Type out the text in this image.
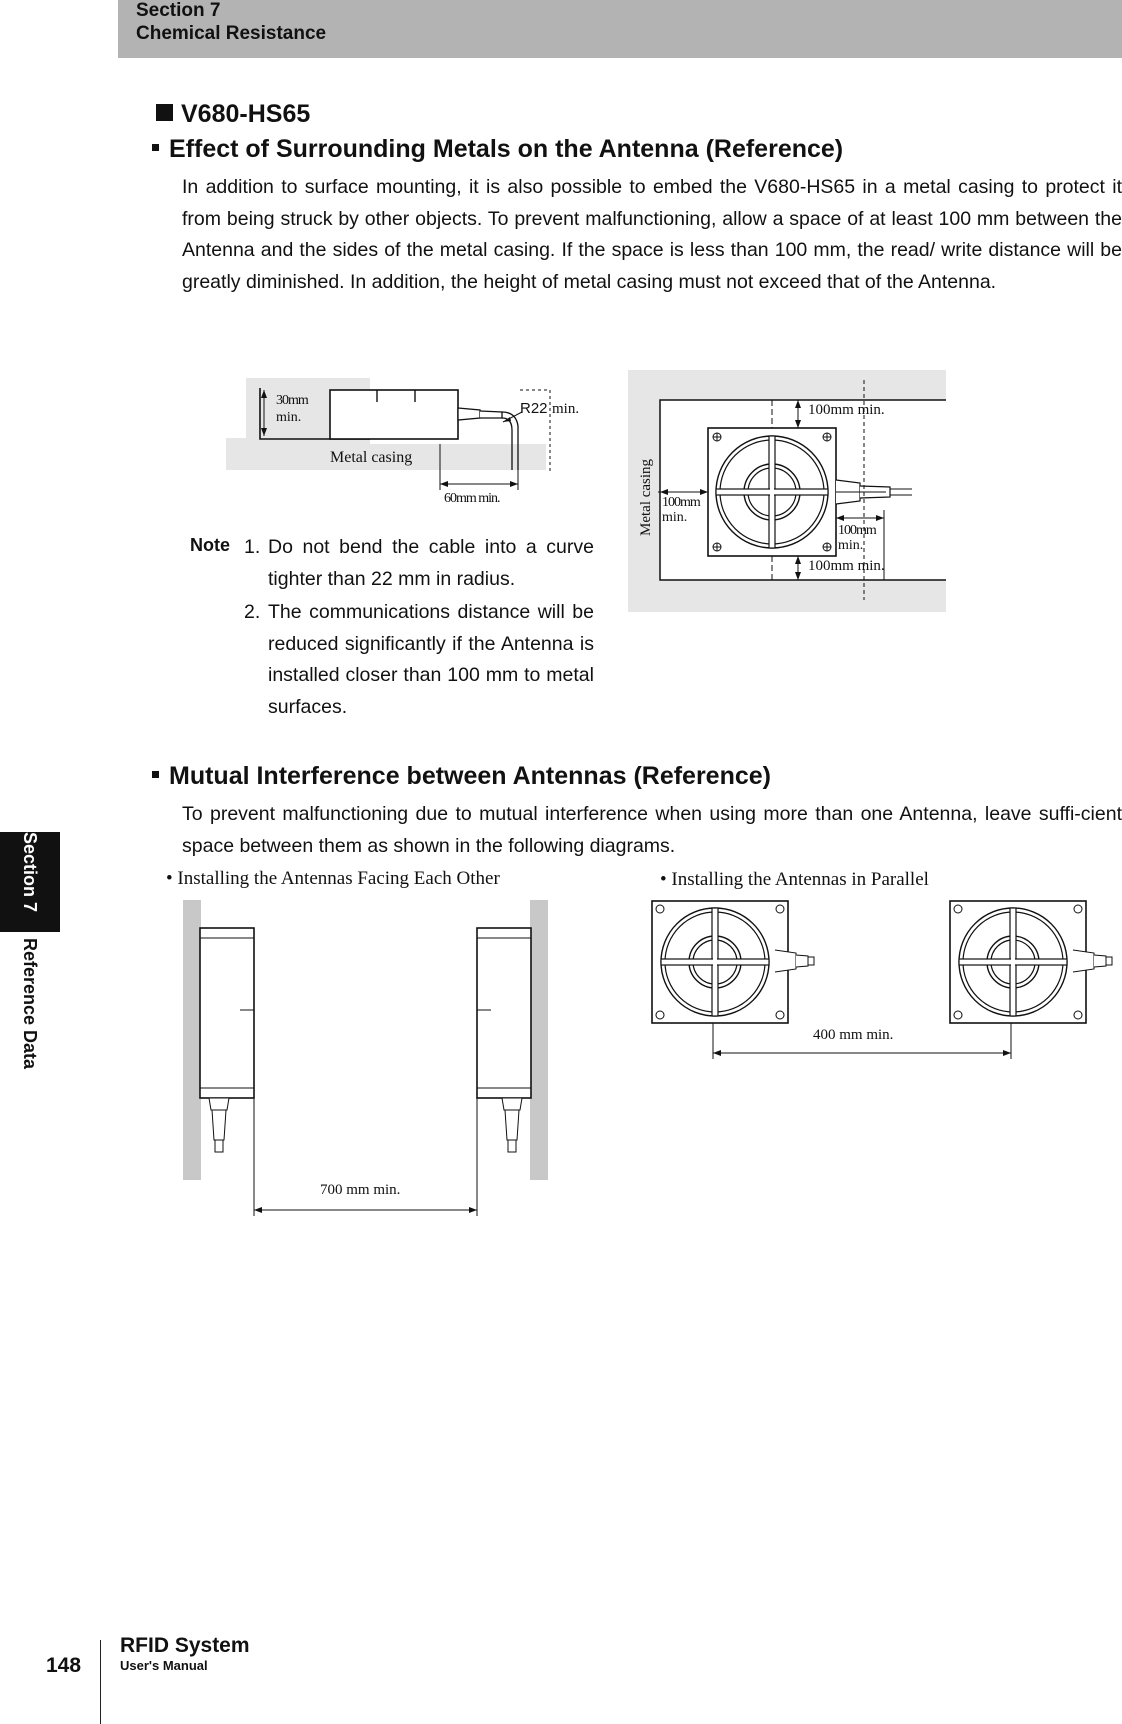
Section 7
Chemical Resistance
Section 7
Reference Data
V680-HS65
Effect of Surrounding Metals on the Antenna (Reference)
In addition to surface mounting, it is also possible to embed the V680-HS65 in a metal casing to protect it from being struck by other objects. To prevent malfunctioning, allow a space of at least 100 mm between the Antenna and the sides of the metal casing. If the space is less than 100 mm, the read/ write distance will be greatly diminished. In addition, the height of metal casing must not exceed that of the Antenna.
30mm
min.
R22 min.
Metal casing
60mm min.	Metal casing
100mm min.
100mm min.
100mm
min.
100mm
min.
Note 1. Do not bend the cable into a curve tighter than 22 mm in radius.
2. The communications distance will be reduced significantly if the Antenna is installed closer than 100 mm to metal surfaces.
Mutual Interference between Antennas (Reference)
To prevent malfunctioning due to mutual interference when using more than one Antenna, leave suffi-cient space between them as shown in the following diagrams.
• Installing the Antennas Facing Each Other	• Installing the Antennas in Parallel
700 mm min.
400 mm min.
148
RFID System
User's Manual
